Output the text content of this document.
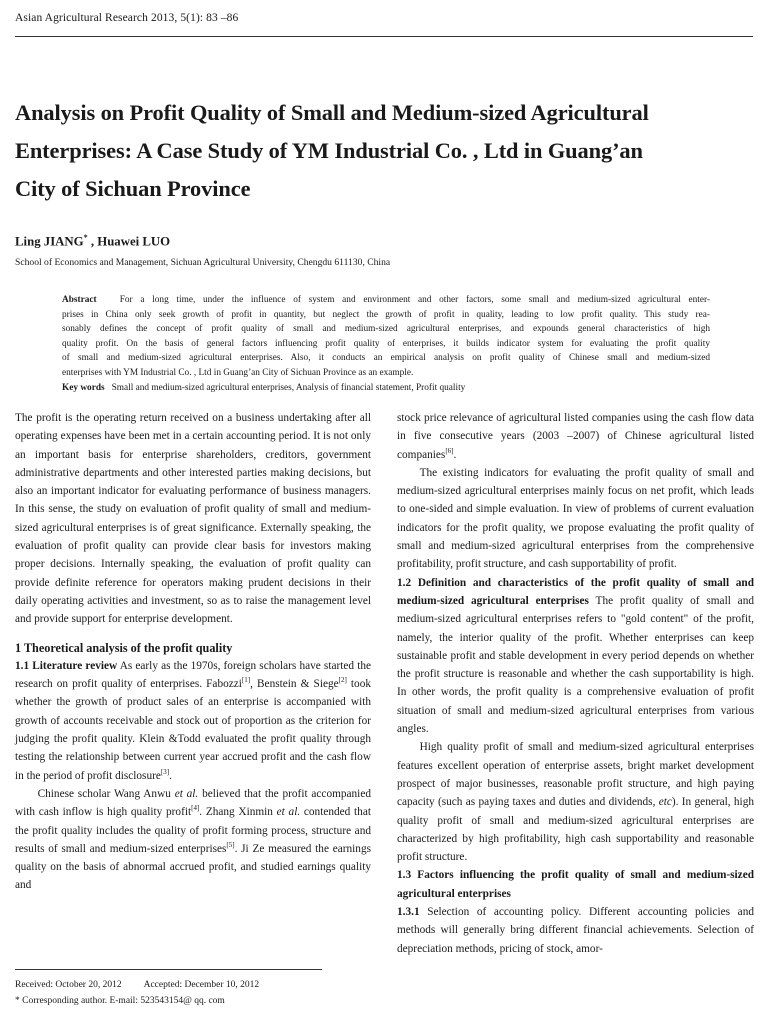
Asian Agricultural Research 2013, 5(1): 83 –86
Analysis on Profit Quality of Small and Medium-sized Agricultural
Enterprises: A Case Study of YM Industrial Co. , Ltd in Guang’an
City of Sichuan Province
Ling JIANG* , Huawei LUO
School of Economics and Management, Sichuan Agricultural University, Chengdu 611130, China
Abstract For a long time, under the influence of system and environment and other factors, some small and medium-sized agricultural enter-
prises in China only seek growth of profit in quantity, but neglect the growth of profit in quality, leading to low profit quality. This study rea-
sonably defines the concept of profit quality of small and medium-sized agricultural enterprises, and expounds general characteristics of high
quality profit. On the basis of general factors influencing profit quality of enterprises, it builds indicator system for evaluating the profit quality
of small and medium-sized agricultural enterprises. Also, it conducts an empirical analysis on profit quality of Chinese small and medium-sized
enterprises with YM Industrial Co. , Ltd in Guang’an City of Sichuan Province as an example.
Key words Small and medium-sized agricultural enterprises, Analysis of financial statement, Profit quality

The profit is the operating return received on a business undertaking after all operating expenses have been met in a certain accounting period. It is not only an important basis for enterprise shareholders, creditors, government administrative departments and other interested parties making decisions, but also an important indicator for evaluating performance of business managers. In this sense, the study on evaluation of profit quality of small and medium-sized agricultural enterprises is of great significance. Externally speaking, the evaluation of profit quality can provide clear basis for investors making proper decisions. Internally speaking, the evaluation of profit quality can provide definite reference for operators making prudent decisions in their daily operating activities and investment, so as to raise the management level and provide support for enterprise development.

1 Theoretical analysis of the profit quality

1.1 Literature review As early as the 1970s, foreign scholars have started the research on profit quality of enterprises. Fabozzi[1], Benstein & Siege[2] took whether the growth of product sales of an enterprise is accompanied with growth of accounts receivable and stock out of proportion as the criterion for judging the profit quality. Klein &Todd evaluated the profit quality through testing the relationship between current year accrued profit and the cash flow in the period of profit disclosure[3].

Chinese scholar Wang Anwu et al. believed that the profit accompanied with cash inflow is high quality profit[4]. Zhang Xinmin et al. contended that the profit quality includes the quality of profit forming process, structure and results of small and medium-sized enterprises[5]. Ji Ze measured the earnings quality on the basis of abnormal accrued profit, and studied earnings quality and

stock price relevance of agricultural listed companies using the cash flow data in five consecutive years (2003 –2007) of Chinese agricultural listed companies[6].

The existing indicators for evaluating the profit quality of small and medium-sized agricultural enterprises mainly focus on net profit, which leads to one-sided and simple evaluation. In view of problems of current evaluation indicators for the profit quality, we propose evaluating the profit quality of small and medium-sized agricultural enterprises from the comprehensive profitability, profit structure, and cash supportability of profit.

1.2 Definition and characteristics of the profit quality of small and medium-sized agricultural enterprises The profit quality of small and medium-sized agricultural enterprises refers to "gold content" of the profit, namely, the interior quality of the profit. Whether enterprises can keep sustainable profit and stable development in every period depends on whether the profit structure is reasonable and whether the cash supportability is high. In other words, the profit quality is a comprehensive evaluation of profit situation of small and medium-sized agricultural enterprises from various angles.

High quality profit of small and medium-sized agricultural enterprises features excellent operation of enterprise assets, bright market development prospect of major businesses, reasonable profit structure, and high paying capacity (such as paying taxes and duties and dividends, etc). In general, high quality profit of small and medium-sized agricultural enterprises are characterized by high profitability, high cash supportability and reasonable profit structure.

1.3 Factors influencing the profit quality of small and medium-sized agricultural enterprises

1.3.1 Selection of accounting policy. Different accounting policies and methods will generally bring different financial achievements. Selection of depreciation methods, pricing of stock, amor-

Received: October 20, 2012 Accepted: December 10, 2012
* Corresponding author. E-mail: 523543154@ qq. com
